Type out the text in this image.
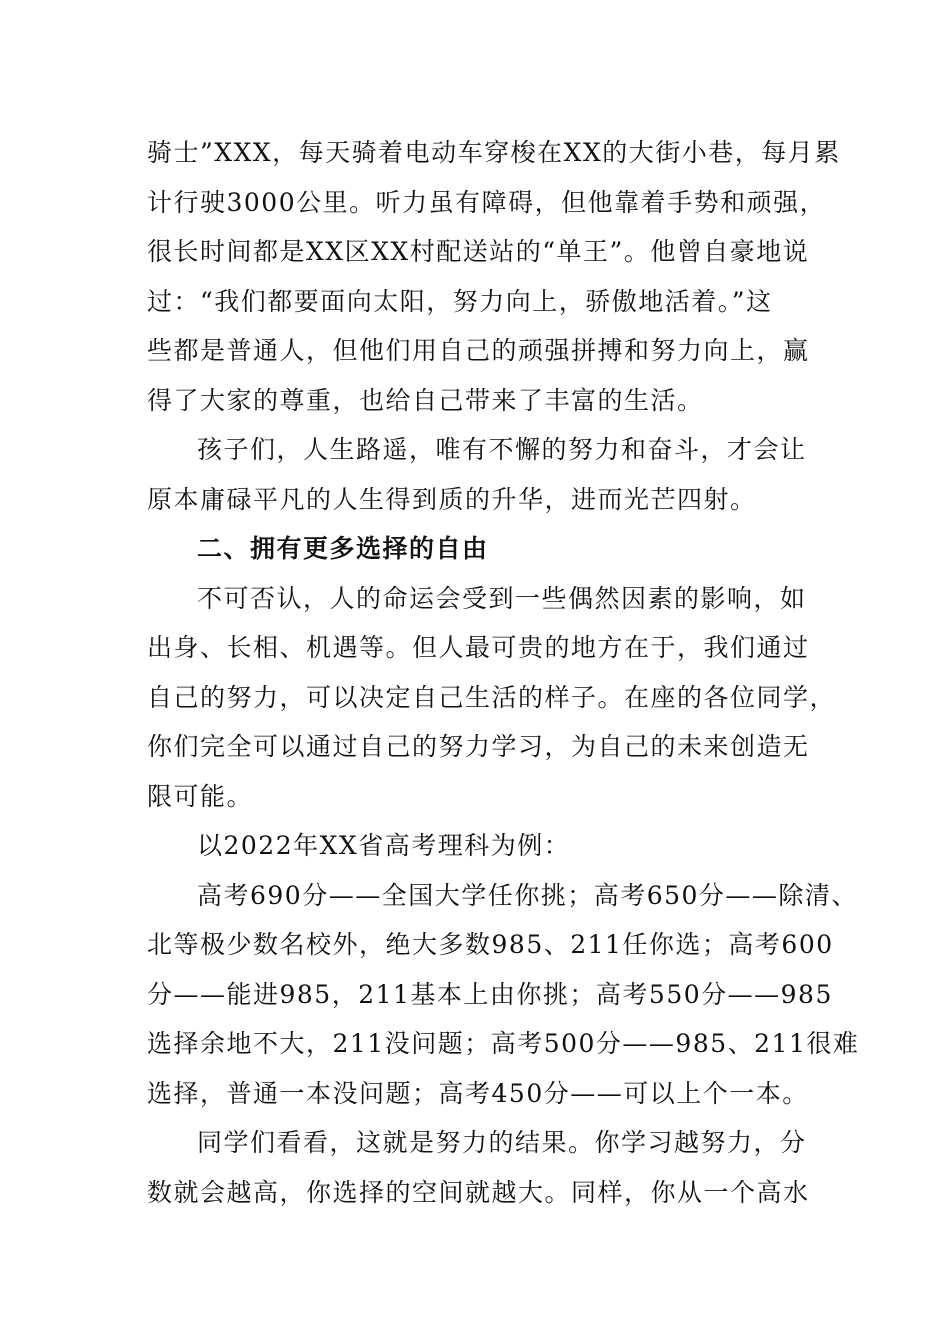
骑士”XXX，每天骑着电动车穿梭在XX的大街小巷，每月累
计行驶3000公里。听力虽有障碍，但他靠着手势和顽强，
很长时间都是XX区XX村配送站的“单王”。他曾自豪地说
过：“我们都要面向太阳，努力向上，骄傲地活着。”这
些都是普通人，但他们用自己的顽强拼搏和努力向上，赢
得了大家的尊重，也给自己带来了丰富的生活。
孩子们，人生路遥，唯有不懈的努力和奋斗，才会让
原本庸碌平凡的人生得到质的升华，进而光芒四射。
二、拥有更多选择的自由
不可否认，人的命运会受到一些偶然因素的影响，如
出身、长相、机遇等。但人最可贵的地方在于，我们通过
自己的努力，可以决定自己生活的样子。在座的各位同学，
你们完全可以通过自己的努力学习，为自己的未来创造无
限可能。
以2022年XX省高考理科为例：
高考690分——全国大学任你挑；高考650分——除清、
北等极少数名校外，绝大多数985、211任你选；高考600
分——能进985，211基本上由你挑；高考550分——985
选择余地不大，211没问题；高考500分——985、211很难
选择，普通一本没问题；高考450分——可以上个一本。
同学们看看，这就是努力的结果。你学习越努力，分
数就会越高，你选择的空间就越大。同样，你从一个高水
